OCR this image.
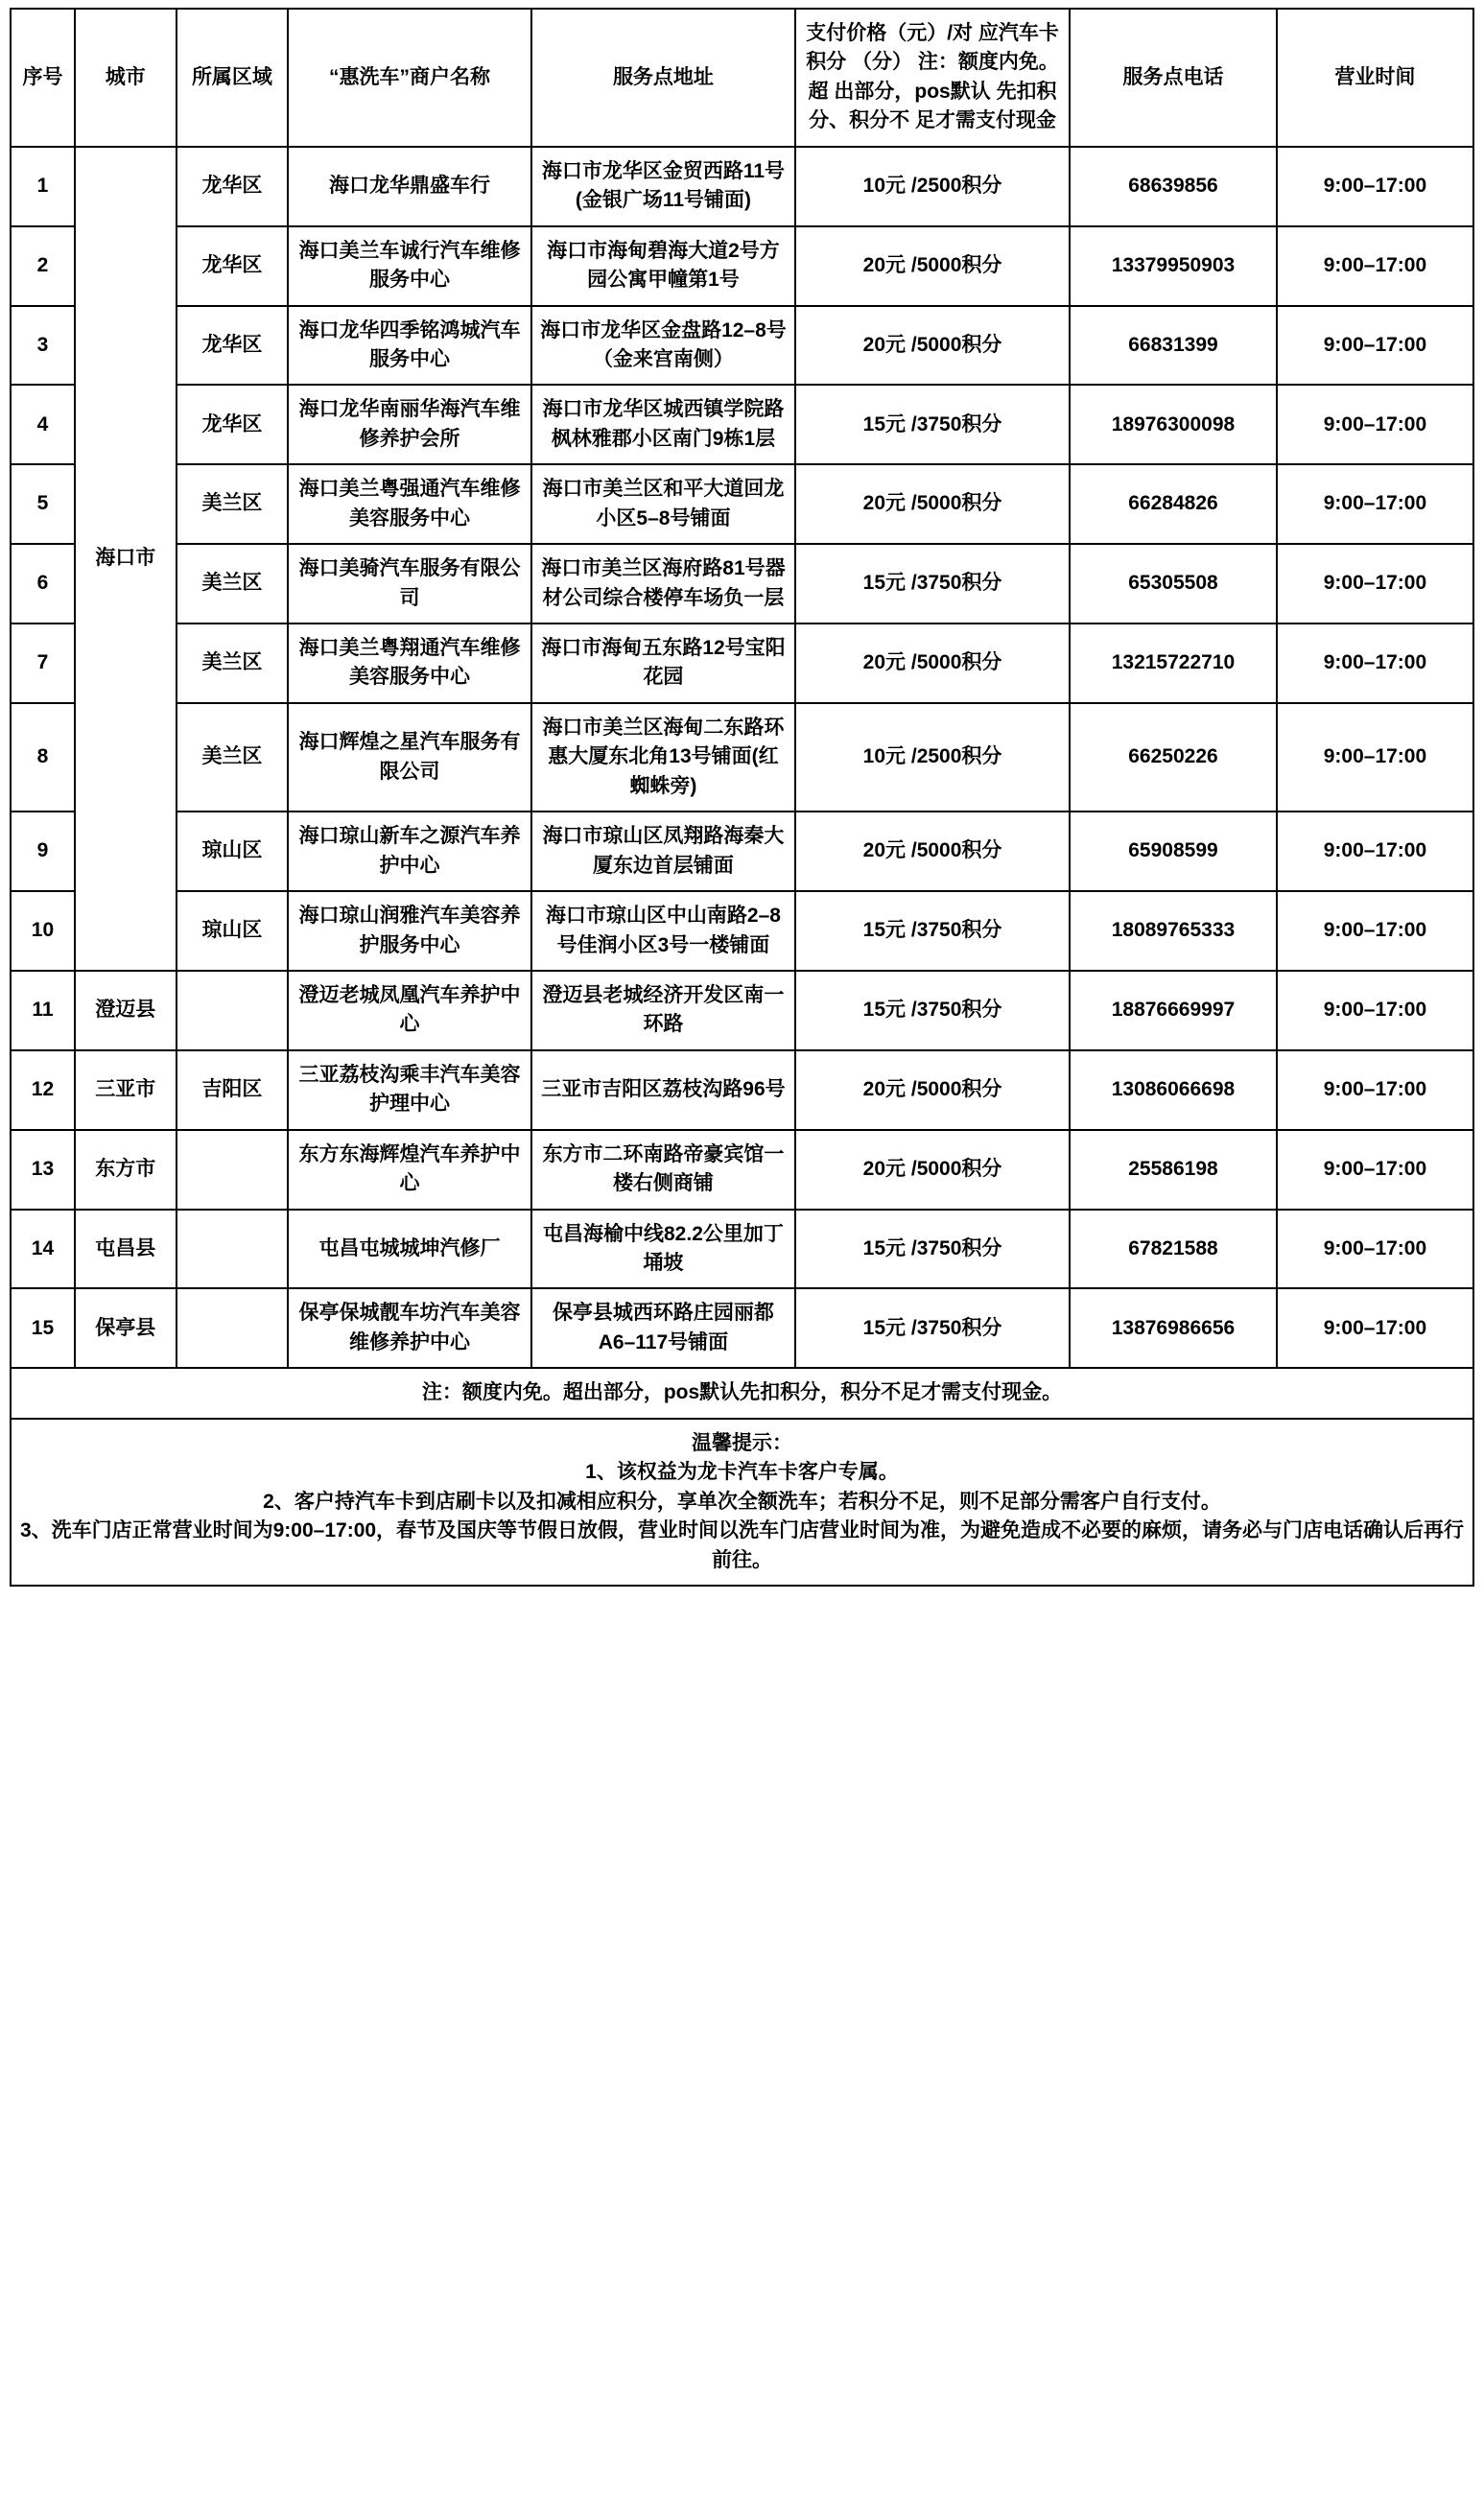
序号	城市	所属区域	“惠洗车”商户名称	服务点地址	支付价格（元）/对 应汽车卡积分 （分） 注：额度内免。超 出部分，pos默认 先扣积分、积分不 足才需支付现金	服务点电话	营业时间
1	海口市	龙华区	海口龙华鼎盛车行	海口市龙华区金贸西路11号(金银广场11号铺面)	10元 /2500积分	68639856	9:00–17:00
2		龙华区	海口美兰车诚行汽车维修服务中心	海口市海甸碧海大道2号方园公寓甲幢第1号	20元 /5000积分	13379950903	9:00–17:00
3		龙华区	海口龙华四季铭鸿城汽车服务中心	海口市龙华区金盘路12–8号（金来宫南侧）	20元 /5000积分	66831399	9:00–17:00
4		龙华区	海口龙华南丽华海汽车维修养护会所	海口市龙华区城西镇学院路枫林雅郡小区南门9栋1层	15元 /3750积分	18976300098	9:00–17:00
5		美兰区	海口美兰粤强通汽车维修美容服务中心	海口市美兰区和平大道回龙小区5–8号铺面	20元 /5000积分	66284826	9:00–17:00
6		美兰区	海口美骑汽车服务有限公司	海口市美兰区海府路81号器材公司综合楼停车场负一层	15元 /3750积分	65305508	9:00–17:00
7		美兰区	海口美兰粤翔通汽车维修美容服务中心	海口市海甸五东路12号宝阳花园	20元 /5000积分	13215722710	9:00–17:00
8		美兰区	海口辉煌之星汽车服务有限公司	海口市美兰区海甸二东路环惠大厦东北角13号铺面(红蜘蛛旁)	10元 /2500积分	66250226	9:00–17:00
9		琼山区	海口琼山新车之源汽车养护中心	海口市琼山区凤翔路海秦大厦东边首层铺面	20元 /5000积分	65908599	9:00–17:00
10		琼山区	海口琼山润雅汽车美容养护服务中心	海口市琼山区中山南路2–8号佳润小区3号一楼铺面	15元 /3750积分	18089765333	9:00–17:00
11	澄迈县		澄迈老城凤凰汽车养护中心	澄迈县老城经济开发区南一环路	15元 /3750积分	18876669997	9:00–17:00
12	三亚市	吉阳区	三亚荔枝沟乘丰汽车美容护理中心	三亚市吉阳区荔枝沟路96号	20元 /5000积分	13086066698	9:00–17:00
13	东方市		东方东海辉煌汽车养护中心	东方市二环南路帝豪宾馆一楼右侧商铺	20元 /5000积分	25586198	9:00–17:00
14	屯昌县		屯昌屯城城坤汽修厂	屯昌海榆中线82.2公里加丁埇坡	15元 /3750积分	67821588	9:00–17:00
15	保亭县		保亭保城靓车坊汽车美容维修养护中心	保亭县城西环路庄园丽都A6–117号铺面	15元 /3750积分	13876986656	9:00–17:00
注：额度内免。超出部分，pos默认先扣积分，积分不足才需支付现金。							

温馨提示：
1、该权益为龙卡汽车卡客户专属。
2、客户持汽车卡到店刷卡以及扣减相应积分，享单次全额洗车；若积分不足，则不足部分需客户自行支付。
3、洗车门店正常营业时间为9:00–17:00，春节及国庆等节假日放假，营业时间以洗车门店营业时间为准，为避免造成不必要的麻烦，请务必与门店电话确认后再行前往。							
